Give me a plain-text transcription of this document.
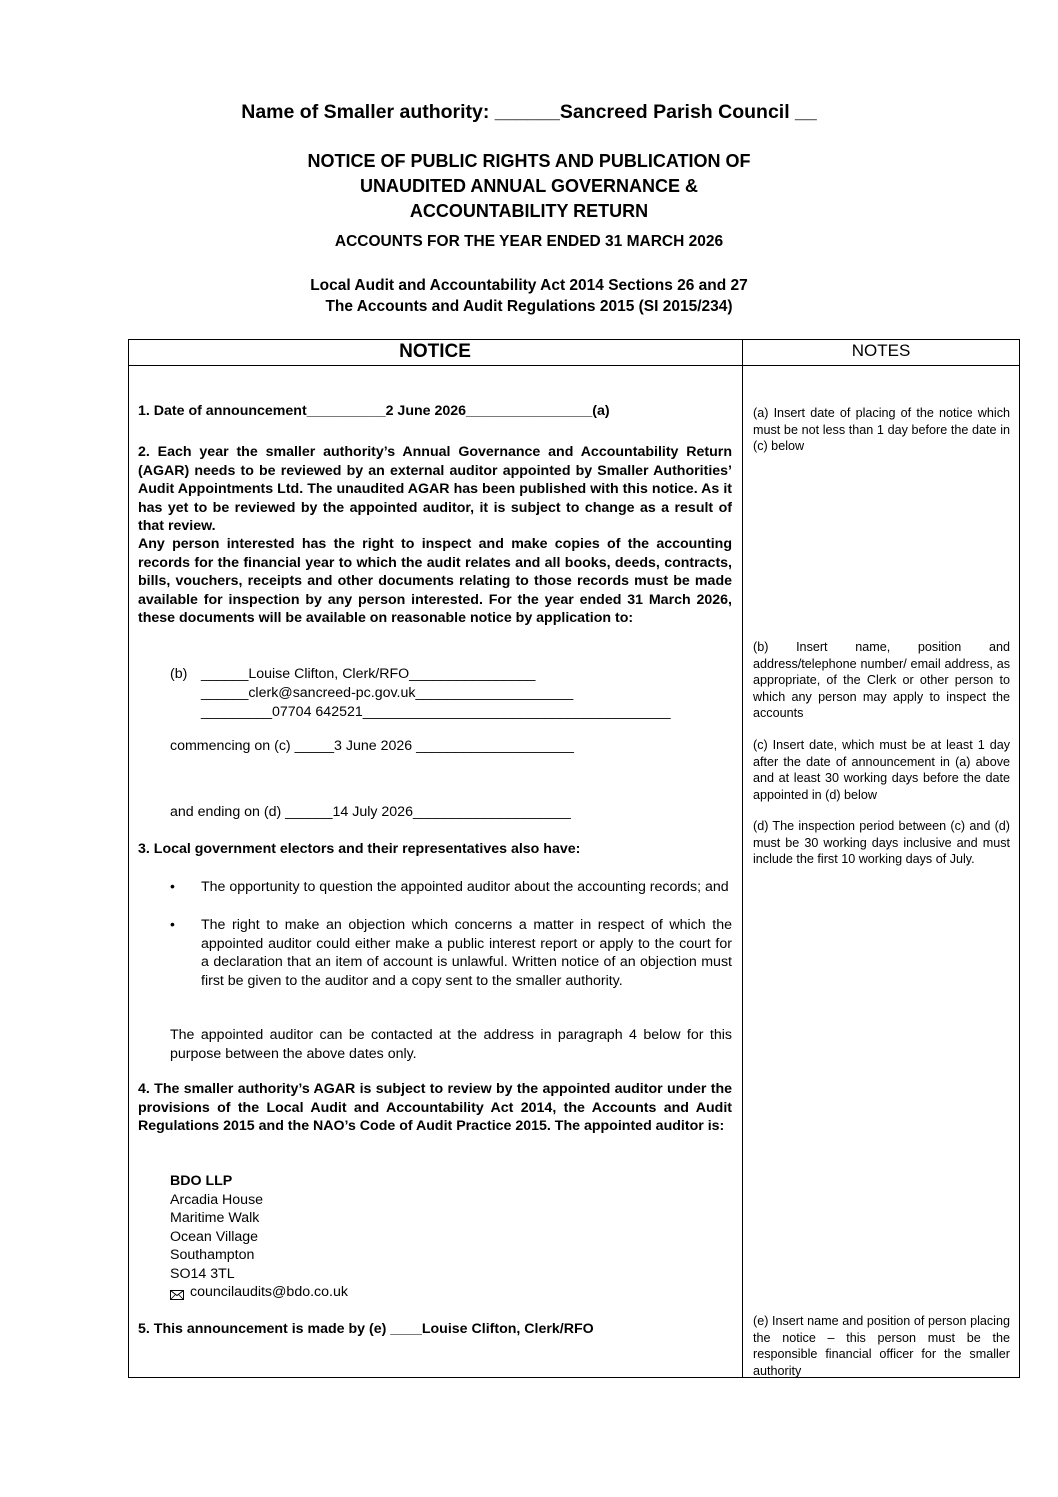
Name of Smaller authority: ______Sancreed Parish Council __
NOTICE OF PUBLIC RIGHTS AND PUBLICATION OF
UNAUDITED ANNUAL GOVERNANCE &
ACCOUNTABILITY RETURN
ACCOUNTS FOR THE YEAR ENDED 31 MARCH 2026
Local Audit and Accountability Act 2014 Sections 26 and 27
The Accounts and Audit Regulations 2015 (SI 2015/234)
NOTICE	NOTES
1. Date of announcement__________2 June 2026________________(a)
2. Each year the smaller authority’s Annual Governance and Accountability Return (AGAR) needs to be reviewed by an external auditor appointed by Smaller Authorities’ Audit Appointments Ltd. The unaudited AGAR has been published with this notice. As it has yet to be reviewed by the appointed auditor, it is subject to change as a result of that review.
Any person interested has the right to inspect and make copies of the accounting records for the financial year to which the audit relates and all books, deeds, contracts, bills, vouchers, receipts and other documents relating to those records must be made available for inspection by any person interested. For the year ended 31 March 2026, these documents will be available on reasonable notice by application to:
(b) ______Louise Clifton, Clerk/RFO________________
______clerk@sancreed-pc.gov.uk____________________
_________07704 642521_______________________________________
commencing on (c) _____3 June 2026 ____________________
and ending on (d) ______14 July 2026____________________
3. Local government electors and their representatives also have:
•	The opportunity to question the appointed auditor about the accounting records; and
•	The right to make an objection which concerns a matter in respect of which the appointed auditor could either make a public interest report or apply to the court for a declaration that an item of account is unlawful. Written notice of an objection must first be given to the auditor and a copy sent to the smaller authority.
The appointed auditor can be contacted at the address in paragraph 4 below for this purpose between the above dates only.
4. The smaller authority’s AGAR is subject to review by the appointed auditor under the provisions of the Local Audit and Accountability Act 2014, the Accounts and Audit Regulations 2015 and the NAO’s Code of Audit Practice 2015. The appointed auditor is:
BDO LLP
Arcadia House
Maritime Walk
Ocean Village
Southampton
SO14 3TL
councilaudits@bdo.co.uk
5. This announcement is made by (e) ____Louise Clifton, Clerk/RFO
(a) Insert date of placing of the notice which must be not less than 1 day before the date in (c) below
(b) Insert name, position and address/telephone number/ email address, as appropriate, of the Clerk or other person to which any person may apply to inspect the accounts
(c) Insert date, which must be at least 1 day after the date of announcement in (a) above and at least 30 working days before the date appointed in (d) below
(d) The inspection period between (c) and (d) must be 30 working days inclusive and must include the first 10 working days of July.
(e) Insert name and position of person placing the notice – this person must be the responsible financial officer for the smaller authority
